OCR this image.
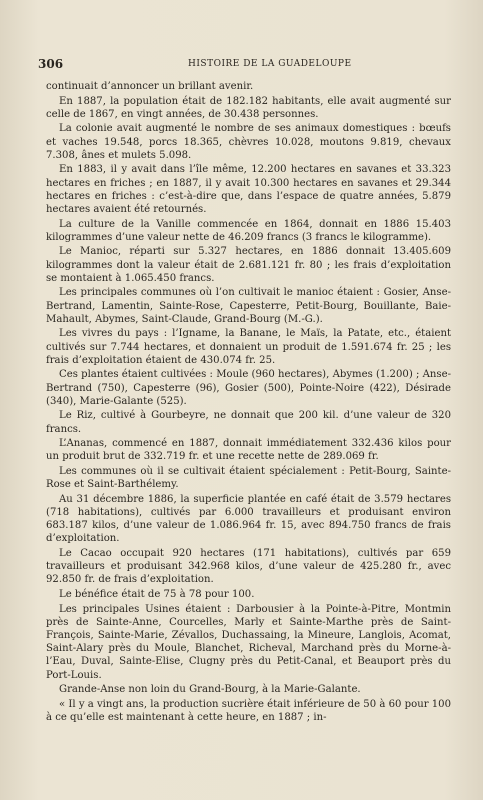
306	HISTOIRE DE LA GUADELOUPE

continuait d’annoncer un brillant avenir.

En 1887, la population était de 182.182 habitants, elle avait augmenté sur celle de 1867, en vingt années, de 30.438 personnes.

La colonie avait augmenté le nombre de ses animaux domestiques : bœufs et vaches 19.548, porcs 18.365, chèvres 10.028, moutons 9.819, chevaux 7.308, ânes et mulets 5.098.

En 1883, il y avait dans l’île même, 12.200 hectares en savanes et 33.323 hectares en friches ; en 1887, il y avait 10.300 hectares en savanes et 29.344 hectares en friches : c’est-à-dire que, dans l’espace de quatre années, 5.879 hectares avaient été retournés.

La culture de la Vanille commencée en 1864, donnait en 1886 15.403 kilogrammes d’une valeur nette de 46.209 francs (3 francs le kilogramme).

Le Manioc, réparti sur 5.327 hectares, en 1886 donnait 13.405.609 kilogrammes dont la valeur était de 2.681.121 fr. 80 ; les frais d’exploitation se montaient à 1.065.450 francs.

Les principales communes où l’on cultivait le manioc étaient : Gosier, Anse-Bertrand, Lamentin, Sainte-Rose, Capesterre, Petit-Bourg, Bouillante, Baie-Mahault, Abymes, Saint-Claude, Grand-Bourg (M.-G.).

Les vivres du pays : l’Igname, la Banane, le Maïs, la Patate, etc., étaient cultivés sur 7.744 hectares, et donnaient un produit de 1.591.674 fr. 25 ; les frais d’exploitation étaient de 430.074 fr. 25.

Ces plantes étaient cultivées : Moule (960 hectares), Abymes (1.200) ; Anse-Bertrand (750), Capesterre (96), Gosier (500), Pointe-Noire (422), Désirade (340), Marie-Galante (525).

Le Riz, cultivé à Gourbeyre, ne donnait que 200 kil. d’une valeur de 320 francs.

L’Ananas, commencé en 1887, donnait immédiatement 332.436 kilos pour un produit brut de 332.719 fr. et une recette nette de 289.069 fr.

Les communes où il se cultivait étaient spécialement : Petit-Bourg, Sainte-Rose et Saint-Barthélemy.

Au 31 décembre 1886, la superficie plantée en café était de 3.579 hectares (718 habitations), cultivés par 6.000 travailleurs et produisant environ 683.187 kilos, d’une valeur de 1.086.964 fr. 15, avec 894.750 francs de frais d’exploitation.

Le Cacao occupait 920 hectares (171 habitations), cultivés par 659 travailleurs et produisant 342.968 kilos, d’une valeur de 425.280 fr., avec 92.850 fr. de frais d’exploitation.

Le bénéfice était de 75 à 78 pour 100.

Les principales Usines étaient : Darbousier à la Pointe-à-Pitre, Montmin près de Sainte-Anne, Courcelles, Marly et Sainte-Marthe près de Saint-François, Sainte-Marie, Zévallos, Duchassaing, la Mineure, Langlois, Acomat, Saint-Alary près du Moule, Blanchet, Richeval, Marchand près du Morne-à-l’Eau, Duval, Sainte-Elise, Clugny près du Petit-Canal, et Beauport près du Port-Louis.

Grande-Anse non loin du Grand-Bourg, à la Marie-Galante.

« Il y a vingt ans, la production sucrière était inférieure de 50 à 60 pour 100 à ce qu’elle est maintenant à cette heure, en 1887 ; in-
